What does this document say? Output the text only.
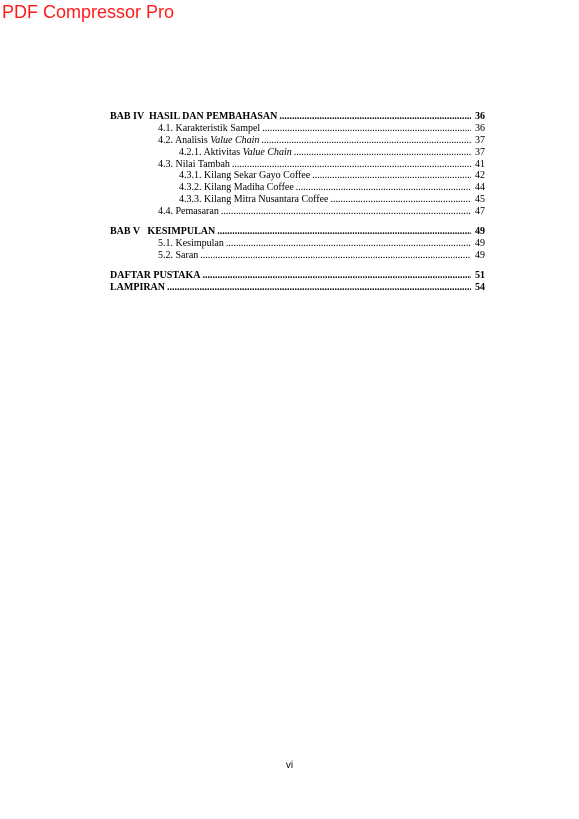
PDF Compressor Pro
BAB IV  HASIL DAN PEMBAHASAN .....	36
4.1. Karakteristik Sampel .....	36
4.2. Analisis Value Chain .....	37
4.2.1. Aktivitas Value Chain .....	37
4.3. Nilai Tambah .....	41
4.3.1. Kilang Sekar Gayo Coffee .....	42
4.3.2. Kilang Madiha Coffee .....	44
4.3.3. Kilang Mitra Nusantara Coffee .....	45
4.4. Pemasaran .....	47
BAB V   KESIMPULAN .....	49
5.1. Kesimpulan .....	49
5.2. Saran .....	49
DAFTAR PUSTAKA .....	51
LAMPIRAN .....	54
vi
